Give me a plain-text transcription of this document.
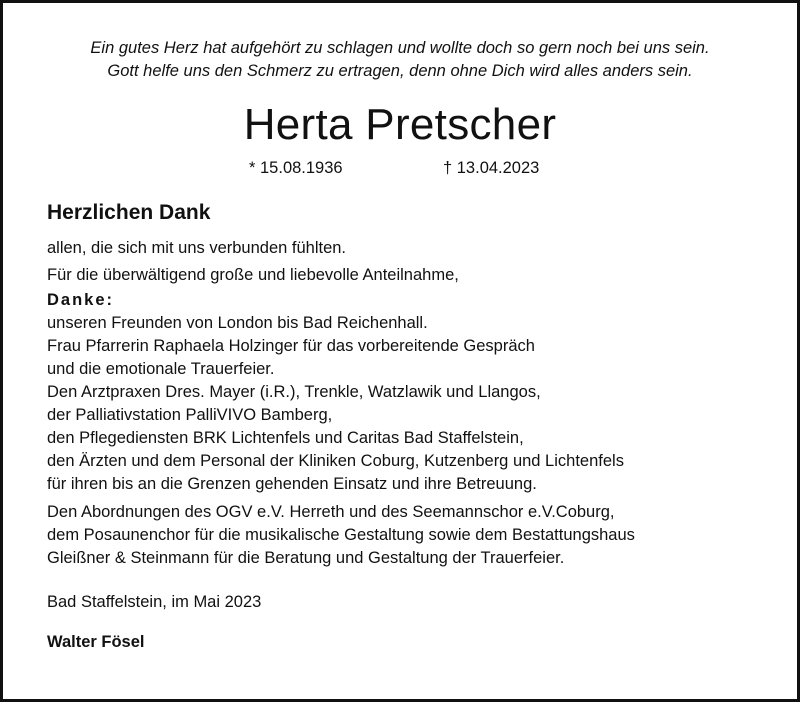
Ein gutes Herz hat aufgehört zu schlagen und wollte doch so gern noch bei uns sein.
Gott helfe uns den Schmerz zu ertragen, denn ohne Dich wird alles anders sein.
Herta Pretscher
* 15.08.1936	† 13.04.2023
Herzlichen Dank
allen, die sich mit uns verbunden fühlten.
Für die überwältigend große und liebevolle Anteilnahme,
Danke:
unseren Freunden von London bis Bad Reichenhall.
Frau Pfarrerin Raphaela Holzinger für das vorbereitende Gespräch
und die emotionale Trauerfeier.
Den Arztpraxen Dres. Mayer (i.R.), Trenkle, Watzlawik und Llangos,
der Palliativstation PalliVIVO Bamberg,
den Pflegediensten BRK Lichtenfels und Caritas Bad Staffelstein,
den Ärzten und dem Personal der Kliniken Coburg, Kutzenberg und Lichtenfels
für ihren bis an die Grenzen gehenden Einsatz und ihre Betreuung.
Den Abordnungen des OGV e.V. Herreth und des Seemannschor e.V.Coburg,
dem Posaunenchor für die musikalische Gestaltung sowie dem Bestattungshaus
Gleißner & Steinmann für die Beratung und Gestaltung der Trauerfeier.
Bad Staffelstein, im Mai 2023
Walter Fösel
